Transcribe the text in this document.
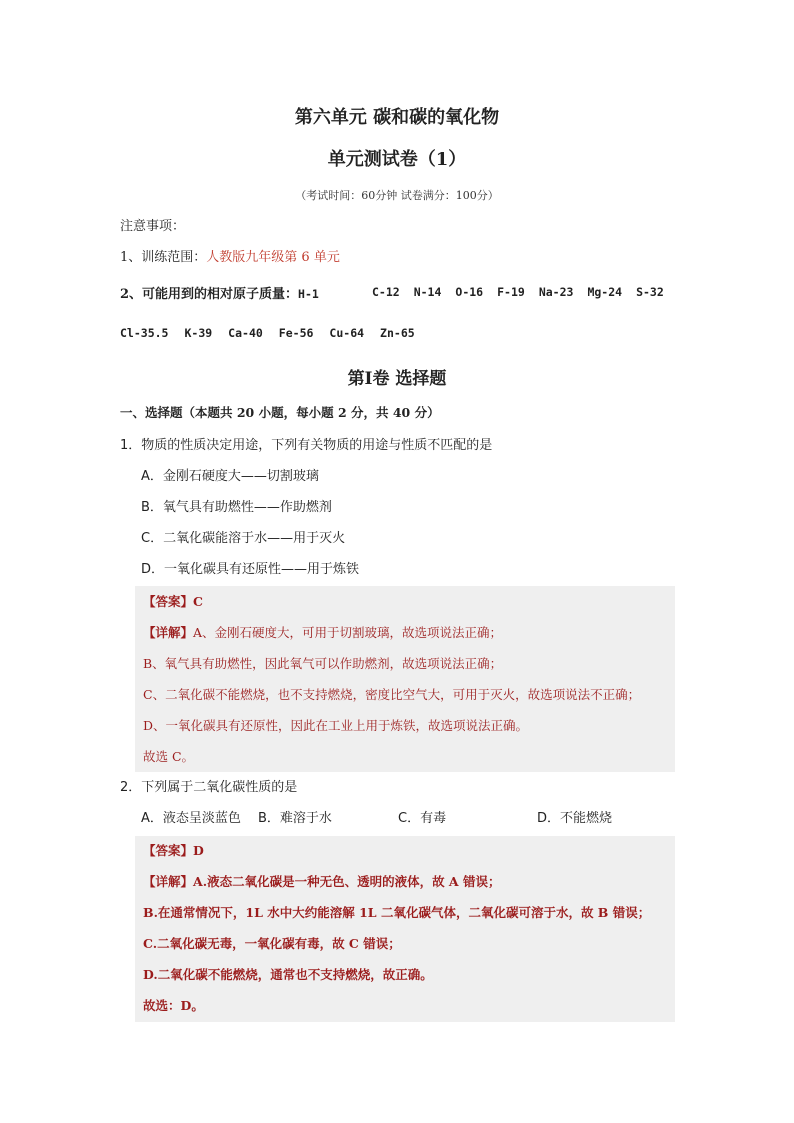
第六单元 碳和碳的氧化物
单元测试卷（1）
（考试时间：60分钟 试卷满分：100分）
注意事项：
1、训练范围：人教版九年级第 6 单元
2、可能用到的相对原子质量：H-1	C-12 N-14 O-16 F-19 Na-23 Mg-24 S-32
Cl-35.5 K-39 Ca-40 Fe-56 Cu-64 Zn-65
第Ⅰ卷 选择题
一、选择题（本题共 20 小题，每小题 2 分，共 40 分）
1．物质的性质决定用途，下列有关物质的用途与性质不匹配的是
A．金刚石硬度大——切割玻璃
B．氧气具有助燃性——作助燃剂
C．二氧化碳能溶于水——用于灭火
D．一氧化碳具有还原性——用于炼铁
【答案】C
【详解】A、金刚石硬度大，可用于切割玻璃，故选项说法正确；
B、氧气具有助燃性，因此氧气可以作助燃剂，故选项说法正确；
C、二氧化碳不能燃烧，也不支持燃烧，密度比空气大，可用于灭火，故选项说法不正确；
D、一氧化碳具有还原性，因此在工业上用于炼铁，故选项说法正确。
故选 C。
2．下列属于二氧化碳性质的是
A．液态呈淡蓝色 B．难溶于水	C．有毒	D．不能燃烧
【答案】D
【详解】A.液态二氧化碳是一种无色、透明的液体，故 A 错误；
B.在通常情况下，1L 水中大约能溶解 1L 二氧化碳气体，二氧化碳可溶于水，故 B 错误；
C.二氧化碳无毒，一氧化碳有毒，故 C 错误；
D.二氧化碳不能燃烧，通常也不支持燃烧，故正确。
故选：D。
